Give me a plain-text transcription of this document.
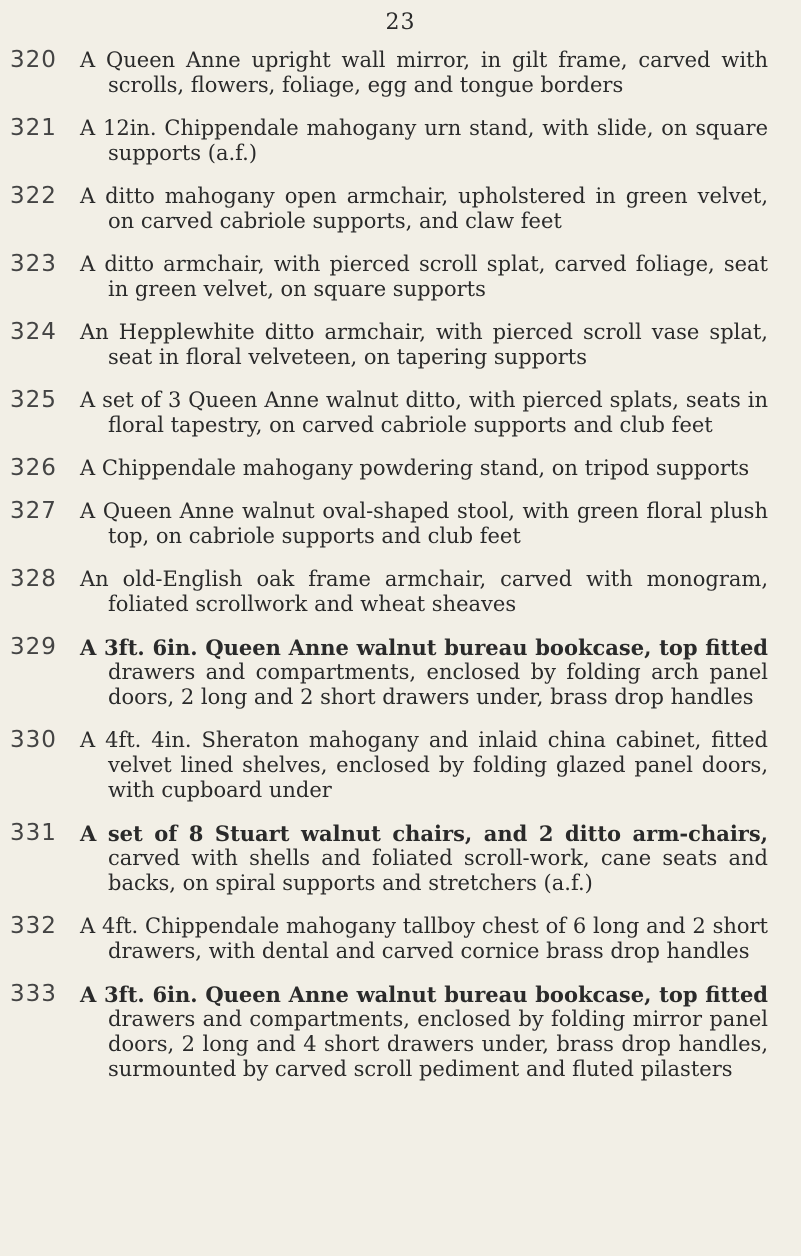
23
320	A Queen Anne upright wall mirror, in gilt frame, carved with scrolls, flowers, foliage, egg and tongue borders
321	A 12in. Chippendale mahogany urn stand, with slide, on square supports (a.f.)
322	A ditto mahogany open armchair, upholstered in green velvet, on carved cabriole supports, and claw feet
323	A ditto armchair, with pierced scroll splat, carved foliage, seat in green velvet, on square supports
324	An Hepplewhite ditto armchair, with pierced scroll vase splat, seat in floral velveteen, on tapering supports
325	A set of 3 Queen Anne walnut ditto, with pierced splats, seats in floral tapestry, on carved cabriole supports and club feet
326	A Chippendale mahogany powdering stand, on tripod supports
327	A Queen Anne walnut oval-shaped stool, with green floral plush top, on cabriole supports and club feet
328	An old-English oak frame armchair, carved with monogram, foliated scrollwork and wheat sheaves
329	A 3ft. 6in. Queen Anne walnut bureau bookcase, top fitted drawers and compartments, enclosed by folding arch panel doors, 2 long and 2 short drawers under, brass drop handles
330	A 4ft. 4in. Sheraton mahogany and inlaid china cabinet, fitted velvet lined shelves, enclosed by folding glazed panel doors, with cupboard under
331	A set of 8 Stuart walnut chairs, and 2 ditto arm-chairs, carved with shells and foliated scroll-work, cane seats and backs, on spiral supports and stretchers (a.f.)
332	A 4ft. Chippendale mahogany tallboy chest of 6 long and 2 short drawers, with dental and carved cornice brass drop handles
333	A 3ft. 6in. Queen Anne walnut bureau bookcase, top fitted drawers and compartments, enclosed by folding mirror panel doors, 2 long and 4 short drawers under, brass drop handles, surmounted by carved scroll pediment and fluted pilasters
